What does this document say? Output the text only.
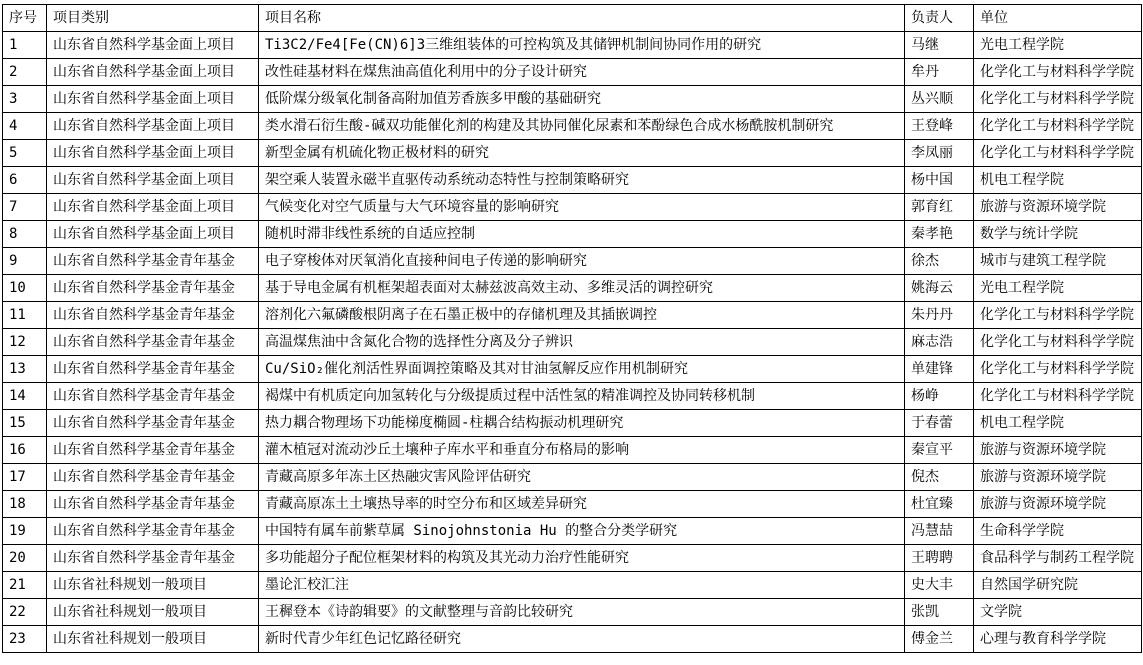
序号	项目类别	项目名称	负责人	单位
1	山东省自然科学基金面上项目	Ti3C2/Fe4[Fe(CN)6]3三维组装体的可控构筑及其储钾机制间协同作用的研究	马继	光电工程学院
2	山东省自然科学基金面上项目	改性硅基材料在煤焦油高值化利用中的分子设计研究	牟丹	化学化工与材料科学学院
3	山东省自然科学基金面上项目	低阶煤分级氧化制备高附加值芳香族多甲酸的基础研究	丛兴顺	化学化工与材料科学学院
4	山东省自然科学基金面上项目	类水滑石衍生酸-碱双功能催化剂的构建及其协同催化尿素和苯酚绿色合成水杨酰胺机制研究	王登峰	化学化工与材料科学学院
5	山东省自然科学基金面上项目	新型金属有机硫化物正极材料的研究	李凤丽	化学化工与材料科学学院
6	山东省自然科学基金面上项目	架空乘人装置永磁半直驱传动系统动态特性与控制策略研究	杨中国	机电工程学院
7	山东省自然科学基金面上项目	气候变化对空气质量与大气环境容量的影响研究	郭育红	旅游与资源环境学院
8	山东省自然科学基金面上项目	随机时滞非线性系统的自适应控制	秦孝艳	数学与统计学院
9	山东省自然科学基金青年基金	电子穿梭体对厌氧消化直接种间电子传递的影响研究	徐杰	城市与建筑工程学院
10	山东省自然科学基金青年基金	基于导电金属有机框架超表面对太赫兹波高效主动、多维灵活的调控研究	姚海云	光电工程学院
11	山东省自然科学基金青年基金	溶剂化六氟磷酸根阴离子在石墨正极中的存储机理及其插嵌调控	朱丹丹	化学化工与材料科学学院
12	山东省自然科学基金青年基金	高温煤焦油中含氮化合物的选择性分离及分子辨识	麻志浩	化学化工与材料科学学院
13	山东省自然科学基金青年基金	Cu/SiO₂催化剂活性界面调控策略及其对甘油氢解反应作用机制研究	单建锋	化学化工与材料科学学院
14	山东省自然科学基金青年基金	褐煤中有机质定向加氢转化与分级提质过程中活性氢的精准调控及协同转移机制	杨峥	化学化工与材料科学学院
15	山东省自然科学基金青年基金	热力耦合物理场下功能梯度椭圆-柱耦合结构振动机理研究	于春蕾	机电工程学院
16	山东省自然科学基金青年基金	灌木植冠对流动沙丘土壤种子库水平和垂直分布格局的影响	秦宣平	旅游与资源环境学院
17	山东省自然科学基金青年基金	青藏高原多年冻土区热融灾害风险评估研究	倪杰	旅游与资源环境学院
18	山东省自然科学基金青年基金	青藏高原冻土土壤热导率的时空分布和区域差异研究	杜宜臻	旅游与资源环境学院
19	山东省自然科学基金青年基金	中国特有属车前紫草属 Sinojohnstonia Hu 的整合分类学研究	冯慧喆	生命科学学院
20	山东省自然科学基金青年基金	多功能超分子配位框架材料的构筑及其光动力治疗性能研究	王聘聘	食品科学与制药工程学院
21	山东省社科规划一般项目	墨论汇校汇注	史大丰	自然国学研究院
22	山东省社科规划一般项目	王穉登本《诗韵辑要》的文献整理与音韵比较研究	张凯	文学院
23	山东省社科规划一般项目	新时代青少年红色记忆路径研究	傅金兰	心理与教育科学学院
